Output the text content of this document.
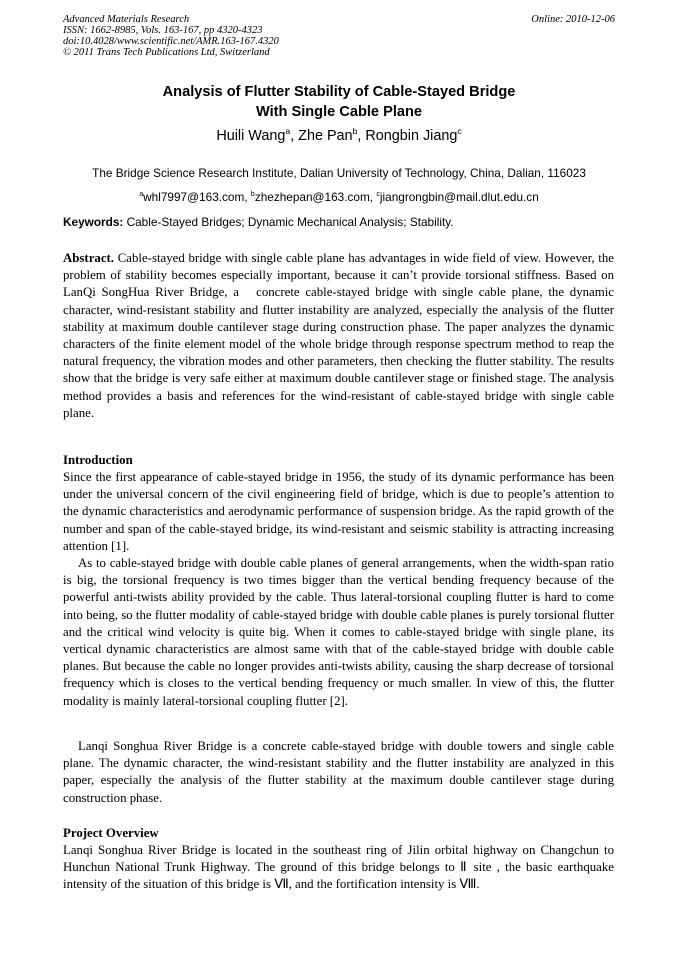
Advanced Materials Research
ISSN: 1662-8985, Vols. 163-167, pp 4320-4323
doi:10.4028/www.scientific.net/AMR.163-167.4320
© 2011 Trans Tech Publications Ltd, Switzerland
Online: 2010-12-06
Analysis of Flutter Stability of Cable-Stayed Bridge
With Single Cable Plane
Huili Wang$^a$, Zhe Pan$^b$, Rongbin Jiang$^c$
The Bridge Science Research Institute, Dalian University of Technology, China, Dalian, 116023
$^a$whl7997@163.com, $^b$zhezhepan@163.com, $^c$jiangrongbin@mail.dlut.edu.cn
Keywords: Cable-Stayed Bridges; Dynamic Mechanical Analysis; Stability.
Abstract. Cable-stayed bridge with single cable plane has advantages in wide field of view. However, the problem of stability becomes especially important, because it can’t provide torsional stiffness. Based on LanQi SongHua River Bridge, a   concrete cable-stayed bridge with single cable plane, the dynamic character, wind-resistant stability and flutter instability are analyzed, especially the analysis of the flutter stability at maximum double cantilever stage during construction phase. The paper analyzes the dynamic characters of the finite element model of the whole bridge through response spectrum method to reap the natural frequency, the vibration modes and other parameters, then checking the flutter stability. The results show that the bridge is very safe either at maximum double cantilever stage or finished stage. The analysis method provides a basis and references for the wind-resistant of cable-stayed bridge with single cable plane.
Introduction
Since the first appearance of cable-stayed bridge in 1956, the study of its dynamic performance has been under the universal concern of the civil engineering field of bridge, which is due to people’s attention to the dynamic characteristics and aerodynamic performance of suspension bridge. As the rapid growth of the number and span of the cable-stayed bridge, its wind-resistant and seismic stability is attracting increasing attention [1].
As to cable-stayed bridge with double cable planes of general arrangements, when the width-span ratio is big, the torsional frequency is two times bigger than the vertical bending frequency because of the powerful anti-twists ability provided by the cable. Thus lateral-torsional coupling flutter is hard to come into being, so the flutter modality of cable-stayed bridge with double cable planes is purely torsional flutter and the critical wind velocity is quite big. When it comes to cable-stayed bridge with single plane, its vertical dynamic characteristics are almost same with that of the cable-stayed bridge with double cable planes. But because the cable no longer provides anti-twists ability, causing the sharp decrease of torsional frequency which is closes to the vertical bending frequency or much smaller. In view of this, the flutter modality is mainly lateral-torsional coupling flutter [2].
Lanqi Songhua River Bridge is a concrete cable-stayed bridge with double towers and single cable plane. The dynamic character, the wind-resistant stability and the flutter instability are analyzed in this paper, especially the analysis of the flutter stability at the maximum double cantilever stage during construction phase.
Project Overview
Lanqi Songhua River Bridge is located in the southeast ring of Jilin orbital highway on Changchun to Hunchun National Trunk Highway. The ground of this bridge belongs to Ⅱ site , the basic earthquake intensity of the situation of this bridge is Ⅶ, and the fortification intensity is Ⅷ.
